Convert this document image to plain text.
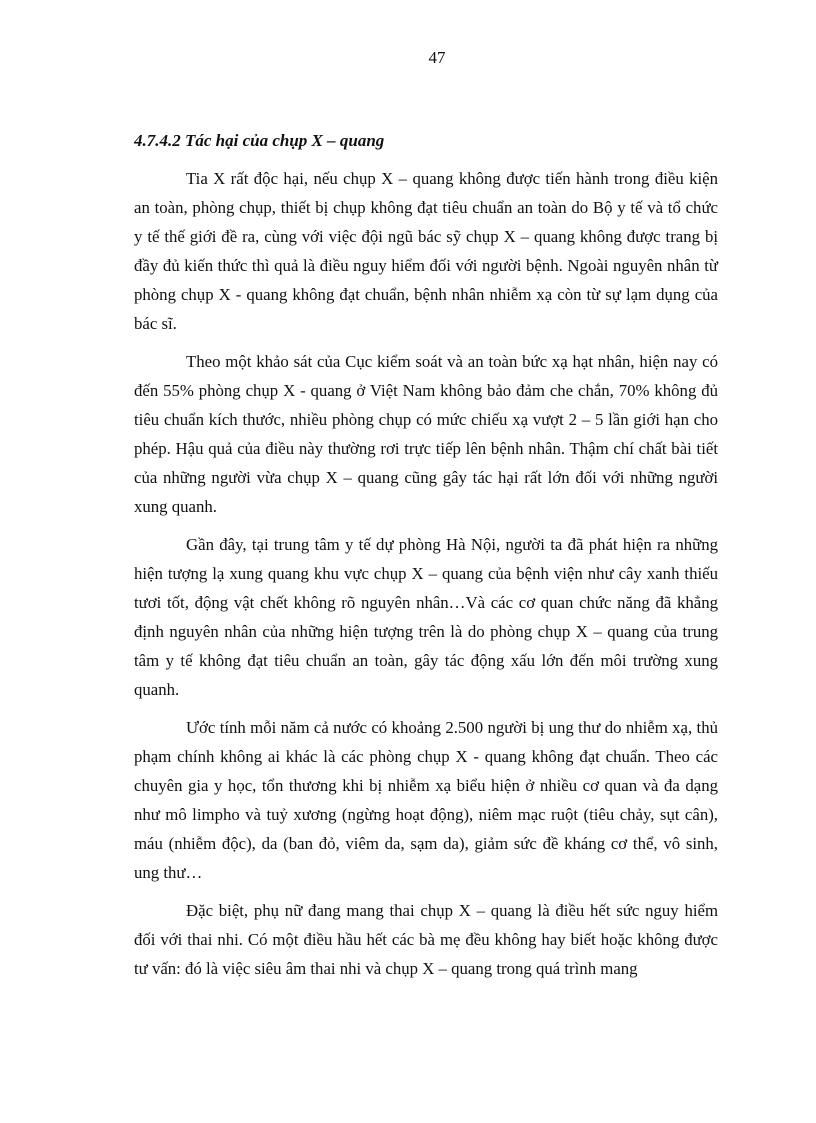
47
4.7.4.2 Tác hại của chụp X – quang

Tia X rất độc hại, nếu chụp X – quang không được tiến hành trong điều kiện an toàn, phòng chụp, thiết bị chụp không đạt tiêu chuẩn an toàn do Bộ y tế và tổ chức y tế thế giới đề ra, cùng với việc đội ngũ bác sỹ chụp X – quang không được trang bị đầy đủ kiến thức thì quả là điều nguy hiểm đối với người bệnh. Ngoài nguyên nhân từ phòng chụp X - quang không đạt chuẩn, bệnh nhân nhiễm xạ còn từ sự lạm dụng của bác sĩ.

Theo một khảo sát của Cục kiểm soát và an toàn bức xạ hạt nhân, hiện nay có đến 55% phòng chụp X - quang ở Việt Nam không bảo đảm che chắn, 70% không đủ tiêu chuẩn kích thước, nhiều phòng chụp có mức chiếu xạ vượt 2 – 5 lần giới hạn cho phép. Hậu quả của điều này thường rơi trực tiếp lên bệnh nhân. Thậm chí chất bài tiết của những người vừa chụp X – quang cũng gây tác hại rất lớn đối với những người xung quanh.

Gần đây, tại trung tâm y tế dự phòng Hà Nội, người ta đã phát hiện ra những hiện tượng lạ xung quang khu vực chụp X – quang của bệnh viện như cây xanh thiếu tươi tốt, động vật chết không rõ nguyên nhân…Và các cơ quan chức năng đã khẳng định nguyên nhân của những hiện tượng trên là do phòng chụp X – quang của trung tâm y tế không đạt tiêu chuẩn an toàn, gây tác động xấu lớn đến môi trường xung quanh.

Ước tính mỗi năm cả nước có khoảng 2.500 người bị ung thư do nhiễm xạ, thủ phạm chính không ai khác là các phòng chụp X - quang không đạt chuẩn. Theo các chuyên gia y học, tổn thương khi bị nhiễm xạ biểu hiện ở nhiều cơ quan và đa dạng như mô limpho và tuỷ xương (ngừng hoạt động), niêm mạc ruột (tiêu chảy, sụt cân), máu (nhiễm độc), da (ban đỏ, viêm da, sạm da), giảm sức đề kháng cơ thể, vô sinh, ung thư…

Đặc biệt, phụ nữ đang mang thai chụp X – quang là điều hết sức nguy hiểm đối với thai nhi. Có một điều hầu hết các bà mẹ đều không hay biết hoặc không được tư vấn: đó là việc siêu âm thai nhi và chụp X – quang trong quá trình mang
